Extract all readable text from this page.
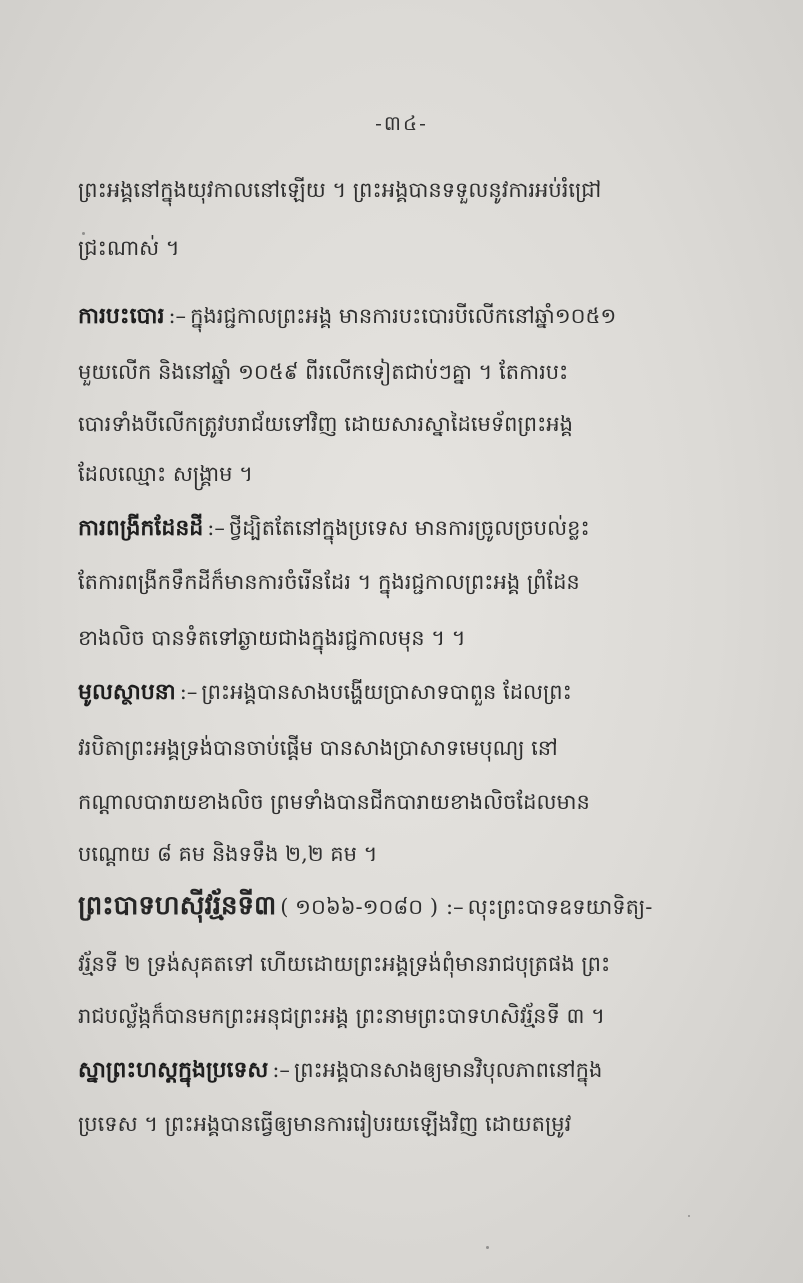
-៣៤-
ព្រះអង្គនៅក្នុងយុវកាលនៅឡើយ ។ ព្រះអង្គបានទទួលនូវការអប់រំជ្រៅ
ជ្រះណាស់ ។
ការបះបោរ :– ក្នុងរជ្ជកាលព្រះអង្គ មានការបះបោរបីលើកនៅឆ្នាំ១០៥១
មួយលើក និងនៅឆ្នាំ ១០៥៩ ពីរលើកទៀតជាប់ៗគ្នា ។ តែការបះ
បោរទាំងបីលើកត្រូវបរាជ័យទៅវិញ ដោយសារស្នាដៃមេទ័ពព្រះអង្គ
ដែលឈ្មោះ សង្គ្រាម ។
ការពង្រីកដែនដី :– ថ្វីដ្បិតតែនៅក្នុងប្រទេស មានការច្រូលច្របល់ខ្លះ
តែការពង្រីកទឹកដីក៏មានការចំរើនដែរ ។ ក្នុងរជ្ជកាលព្រះអង្គ ព្រំដែន
ខាងលិច បានទំតទៅឆ្ងាយជាងក្នុងរជ្ជកាលមុន ។ ។
មូលស្ថាបនា :– ព្រះអង្គបានសាងបង្ហើយប្រាសាទបាពួន ដែលព្រះ
វរបិតាព្រះអង្គទ្រង់បានចាប់ផ្តើម បានសាងប្រាសាទមេបុណ្យ នៅ
កណ្តាលបារាយខាងលិច ព្រមទាំងបានជីកបារាយខាងលិចដែលមាន
បណ្តោយ ៨ គម និងទទឹង ២,២ គម ។
ព្រះបាទហស៊ីវរ្ម័នទី៣ ( ១០៦៦-១០៨០ ) :– លុះព្រះបាទឧទយាទិត្យ-
វរ្ម័នទី ២ ទ្រង់សុគតទៅ ហើយដោយព្រះអង្គទ្រង់ពុំមានរាជបុត្រផង ព្រះ
រាជបល្ល័ង្កក៏បានមកព្រះអនុជព្រះអង្គ ព្រះនាមព្រះបាទហសិវរ្ម័នទី ៣ ។
ស្នាព្រះហស្តក្នុងប្រទេស :– ព្រះអង្គបានសាងឲ្យមានវិបុលភាពនៅក្នុង
ប្រទេស ។ ព្រះអង្គបានធ្វើឲ្យមានការរៀបរយឡើងវិញ ដោយតម្រូវ
